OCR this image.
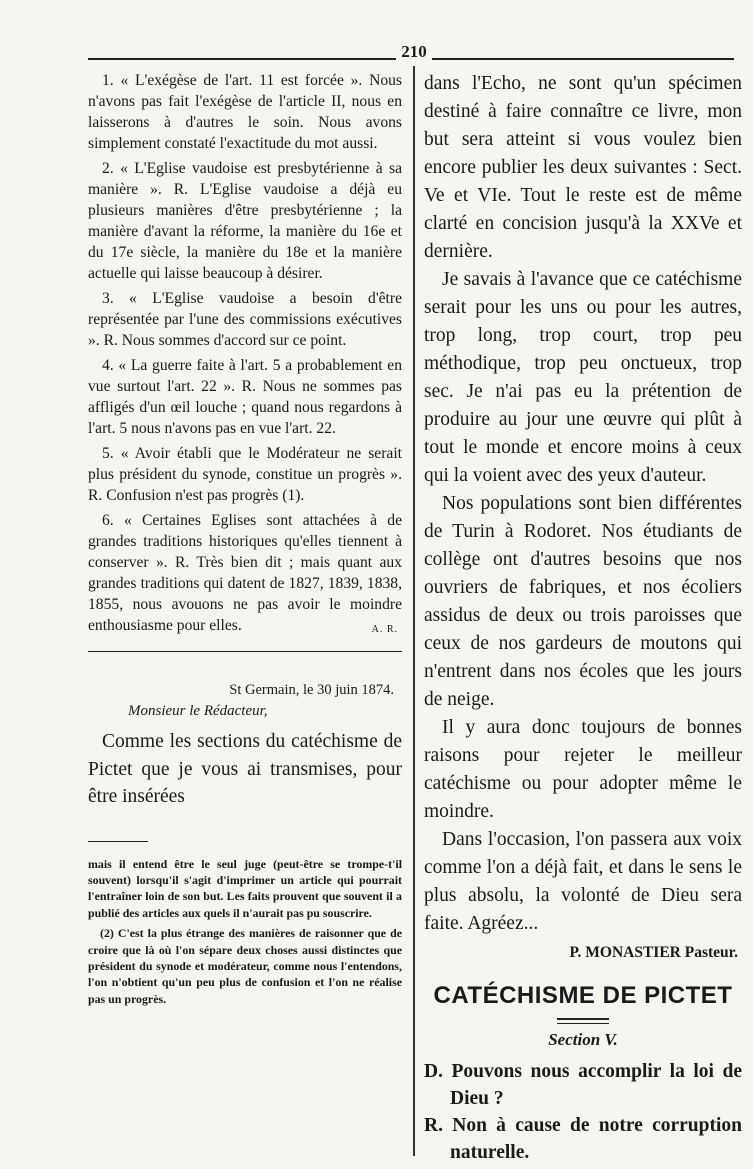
210

1. « L'exégèse de l'art. 11 est forcée ». Nous n'avons pas fait l'exégèse de l'article II, nous en laisserons à d'autres le soin. Nous avons simplement constaté l'exactitude du mot aussi.

2. « L'Eglise vaudoise est presbytérienne à sa manière ». R. L'Eglise vaudoise a déjà eu plusieurs manières d'être presbytérienne ; la manière d'avant la réforme, la manière du 16e et du 17e siècle, la manière du 18e et la manière actuelle qui laisse beaucoup à désirer.

3. « L'Eglise vaudoise a besoin d'être représentée par l'une des commissions exécutives ». R. Nous sommes d'accord sur ce point.

4. « La guerre faite à l'art. 5 a probablement en vue surtout l'art. 22 ». R. Nous ne sommes pas affligés d'un œil louche ; quand nous regardons à l'art. 5 nous n'avons pas en vue l'art. 22.

5. « Avoir établi que le Modérateur ne serait plus président du synode, constitue un progrès ». R. Confusion n'est pas progrès (1).

6. « Certaines Eglises sont attachées à de grandes traditions historiques qu'elles tiennent à conserver ». R. Très bien dit ; mais quant aux grandes traditions qui datent de 1827, 1839, 1838, 1855, nous avouons ne pas avoir le moindre enthousiasme pour elles.	A. R.
St Germain, le 30 juin 1874.
Monsieur le Rédacteur,

Comme les sections du catéchisme de Pictet que je vous ai transmises, pour être insérées

mais il entend être le seul juge (peut-être se trompe-t'il souvent) lorsqu'il s'agit d'imprimer un article qui pourrait l'entraîner loin de son but. Les faits prouvent que souvent il a publié des articles aux quels il n'aurait pas pu souscrire.

(2) C'est la plus étrange des manières de raisonner que de croire que là où l'on sépare deux choses aussi distinctes que président du synode et modérateur, comme nous l'entendons, l'on n'obtient qu'un peu plus de confusion et l'on ne réalise pas un progrès.

dans l'Echo, ne sont qu'un spécimen destiné à faire connaître ce livre, mon but sera atteint si vous voulez bien encore publier les deux suivantes : Sect. Ve et VIe. Tout le reste est de même clarté en concision jusqu'à la XXVe et dernière.

Je savais à l'avance que ce catéchisme serait pour les uns ou pour les autres, trop long, trop court, trop peu méthodique, trop peu onctueux, trop sec. Je n'ai pas eu la prétention de produire au jour une œuvre qui plût à tout le monde et encore moins à ceux qui la voient avec des yeux d'auteur.

Nos populations sont bien différentes de Turin à Rodoret. Nos étudiants de collège ont d'autres besoins que nos ouvriers de fabriques, et nos écoliers assidus de deux ou trois paroisses que ceux de nos gardeurs de moutons qui n'entrent dans nos écoles que les jours de neige.

Il y aura donc toujours de bonnes raisons pour rejeter le meilleur catéchisme ou pour adopter même le moindre.

Dans l'occasion, l'on passera aux voix comme l'on a déjà fait, et dans le sens le plus absolu, la volonté de Dieu sera faite. Agréez...

P. MONASTIER Pasteur.
CATÉCHISME DE PICTET
Section V.

D. Pouvons nous accomplir la loi de Dieu ?

R. Non à cause de notre corruption naturelle.
